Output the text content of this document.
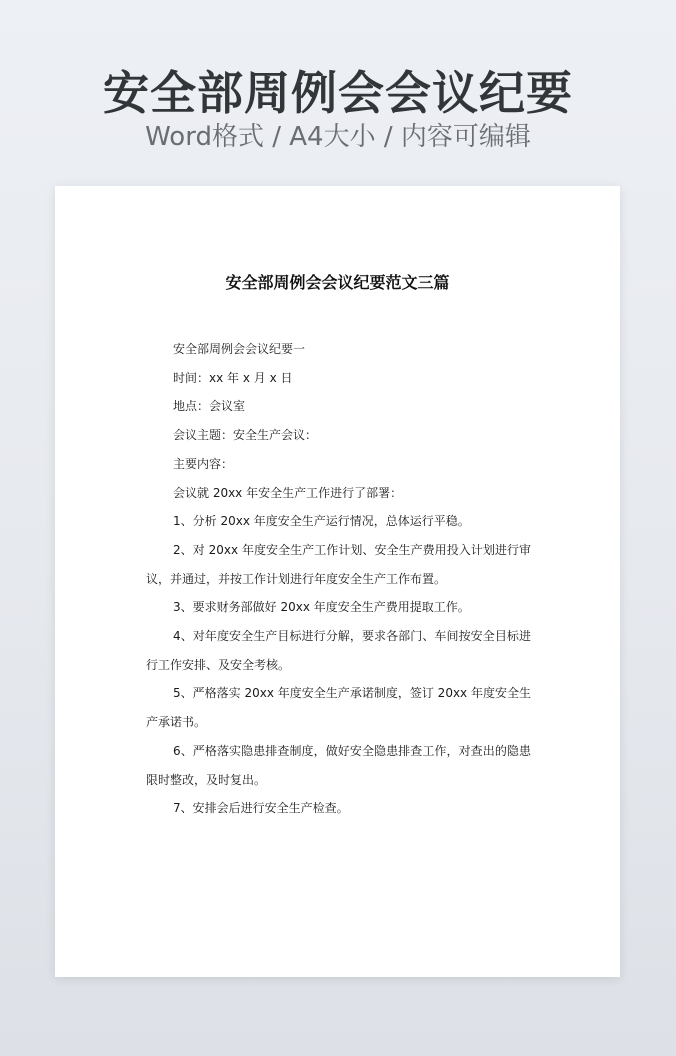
安全部周例会会议纪要
Word格式 / A4大小 / 内容可编辑
安全部周例会会议纪要范文三篇

安全部周例会会议纪要一

时间：xx 年 x 月 x 日

地点：会议室

会议主题：安全生产会议：

主要内容：

会议就 20xx 年安全生产工作进行了部署：

1、分析 20xx 年度安全生产运行情况，总体运行平稳。

2、对 20xx 年度安全生产工作计划、安全生产费用投入计划进行审议，并通过，并按工作计划进行年度安全生产工作布置。

3、要求财务部做好 20xx 年度安全生产费用提取工作。

4、对年度安全生产目标进行分解，要求各部门、车间按安全目标进行工作安排、及安全考核。

5、严格落实 20xx 年度安全生产承诺制度，签订 20xx 年度安全生产承诺书。

6、严格落实隐患排查制度，做好安全隐患排查工作，对查出的隐患限时整改，及时复出。

7、安排会后进行安全生产检查。
